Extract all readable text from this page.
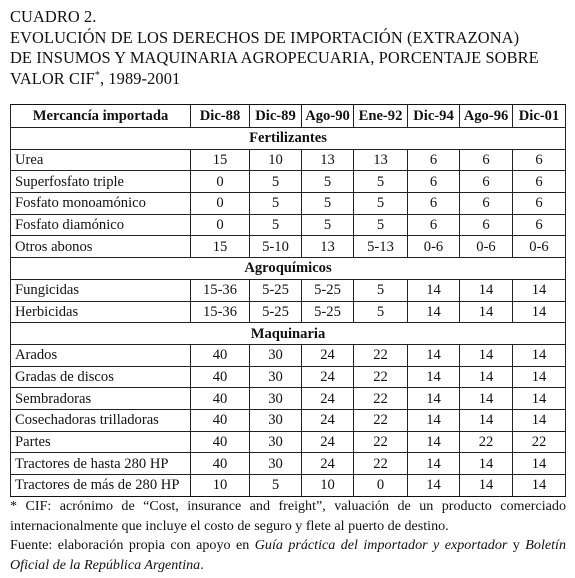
CUADRO 2.
EVOLUCIÓN DE LOS DERECHOS DE IMPORTACIÓN (EXTRAZONA)
DE INSUMOS Y MAQUINARIA AGROPECUARIA, PORCENTAJE SOBRE
VALOR CIF*, 1989-2001
Mercancía importada	Dic-88	Dic-89	Ago-90	Ene-92	Dic-94	Ago-96	Dic-01
Fertilizantes							
Urea	15	10	13	13	6	6	6
Superfosfato triple	0	5	5	5	6	6	6
Fosfato monoamónico	0	5	5	5	6	6	6
Fosfato diamónico	0	5	5	5	6	6	6
Otros abonos	15	5-10	13	5-13	0-6	0-6	0-6
Agroquímicos							
Fungicidas	15-36	5-25	5-25	5	14	14	14
Herbicidas	15-36	5-25	5-25	5	14	14	14
Maquinaria							
Arados	40	30	24	22	14	14	14
Gradas de discos	40	30	24	22	14	14	14
Sembradoras	40	30	24	22	14	14	14
Cosechadoras trilladoras	40	30	24	22	14	14	14
Partes	40	30	24	22	14	22	22
Tractores de hasta 280 HP	40	30	24	22	14	14	14
Tractores de más de 280 HP	10	5	10	0	14	14	14

* CIF: acrónimo de “Cost, insurance and freight”, valuación de un producto comerciado internacionalmente que incluye el costo de seguro y flete al puerto de destino.

Fuente: elaboración propia con apoyo en Guía práctica del importador y exportador y Boletín Oficial de la República Argentina.
